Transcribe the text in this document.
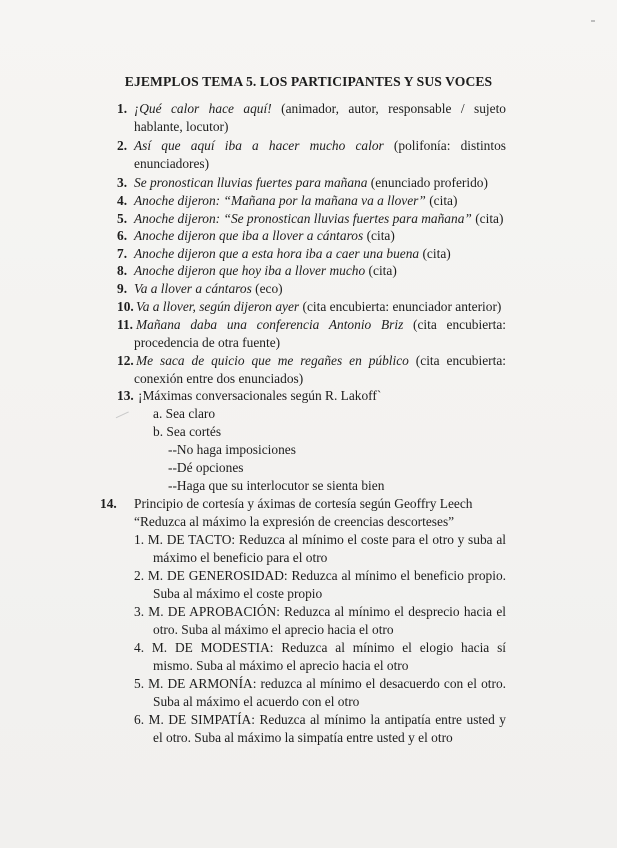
EJEMPLOS TEMA 5. LOS PARTICIPANTES Y SUS VOCES
1. ¡Qué calor hace aquí! (animador, autor, responsable / sujeto
hablante, locutor)
2. Así que aquí iba a hacer mucho calor (polifonía: distintos
enunciadores)
3. Se pronostican lluvias fuertes para mañana (enunciado proferido)
4. Anoche dijeron: “Mañana por la mañana va a llover” (cita)
5. Anoche dijeron: “Se pronostican lluvias fuertes para mañana” (cita)
6. Anoche dijeron que iba a llover a cántaros (cita)
7. Anoche dijeron que a esta hora iba a caer una buena (cita)
8. Anoche dijeron que hoy iba a llover mucho (cita)
9. Va a llover a cántaros (eco)
10. Va a llover, según dijeron ayer (cita encubierta: enunciador anterior)
11. Mañana daba una conferencia Antonio Briz (cita encubierta:
procedencia de otra fuente)
12. Me saca de quicio que me regañes en público (cita encubierta:
conexión entre dos enunciados)
13. ¡Máximas conversacionales según R. Lakoff`
a. Sea claro
b. Sea cortés
--No haga imposiciones
--Dé opciones
--Haga que su interlocutor se sienta bien
14. Principio de cortesía y áximas de cortesía según Geoffry Leech
“Reduzca al máximo la expresión de creencias descorteses”
1. M. DE TACTO: Reduzca al mínimo el coste para el otro y suba al
máximo el beneficio para el otro
2. M. DE GENEROSIDAD: Reduzca al mínimo el beneficio propio.
Suba al máximo el coste propio
3. M. DE APROBACIÓN: Reduzca al mínimo el desprecio hacia el
otro. Suba al máximo el aprecio hacia el otro
4. M. DE MODESTIA: Reduzca al mínimo el elogio hacia sí
mismo. Suba al máximo el aprecio hacia el otro
5. M. DE ARMONÍA: reduzca al mínimo el desacuerdo con el otro.
Suba al máximo el acuerdo con el otro
6. M. DE SIMPATÍA: Reduzca al mínimo la antipatía entre usted y
el otro. Suba al máximo la simpatía entre usted y el otro
